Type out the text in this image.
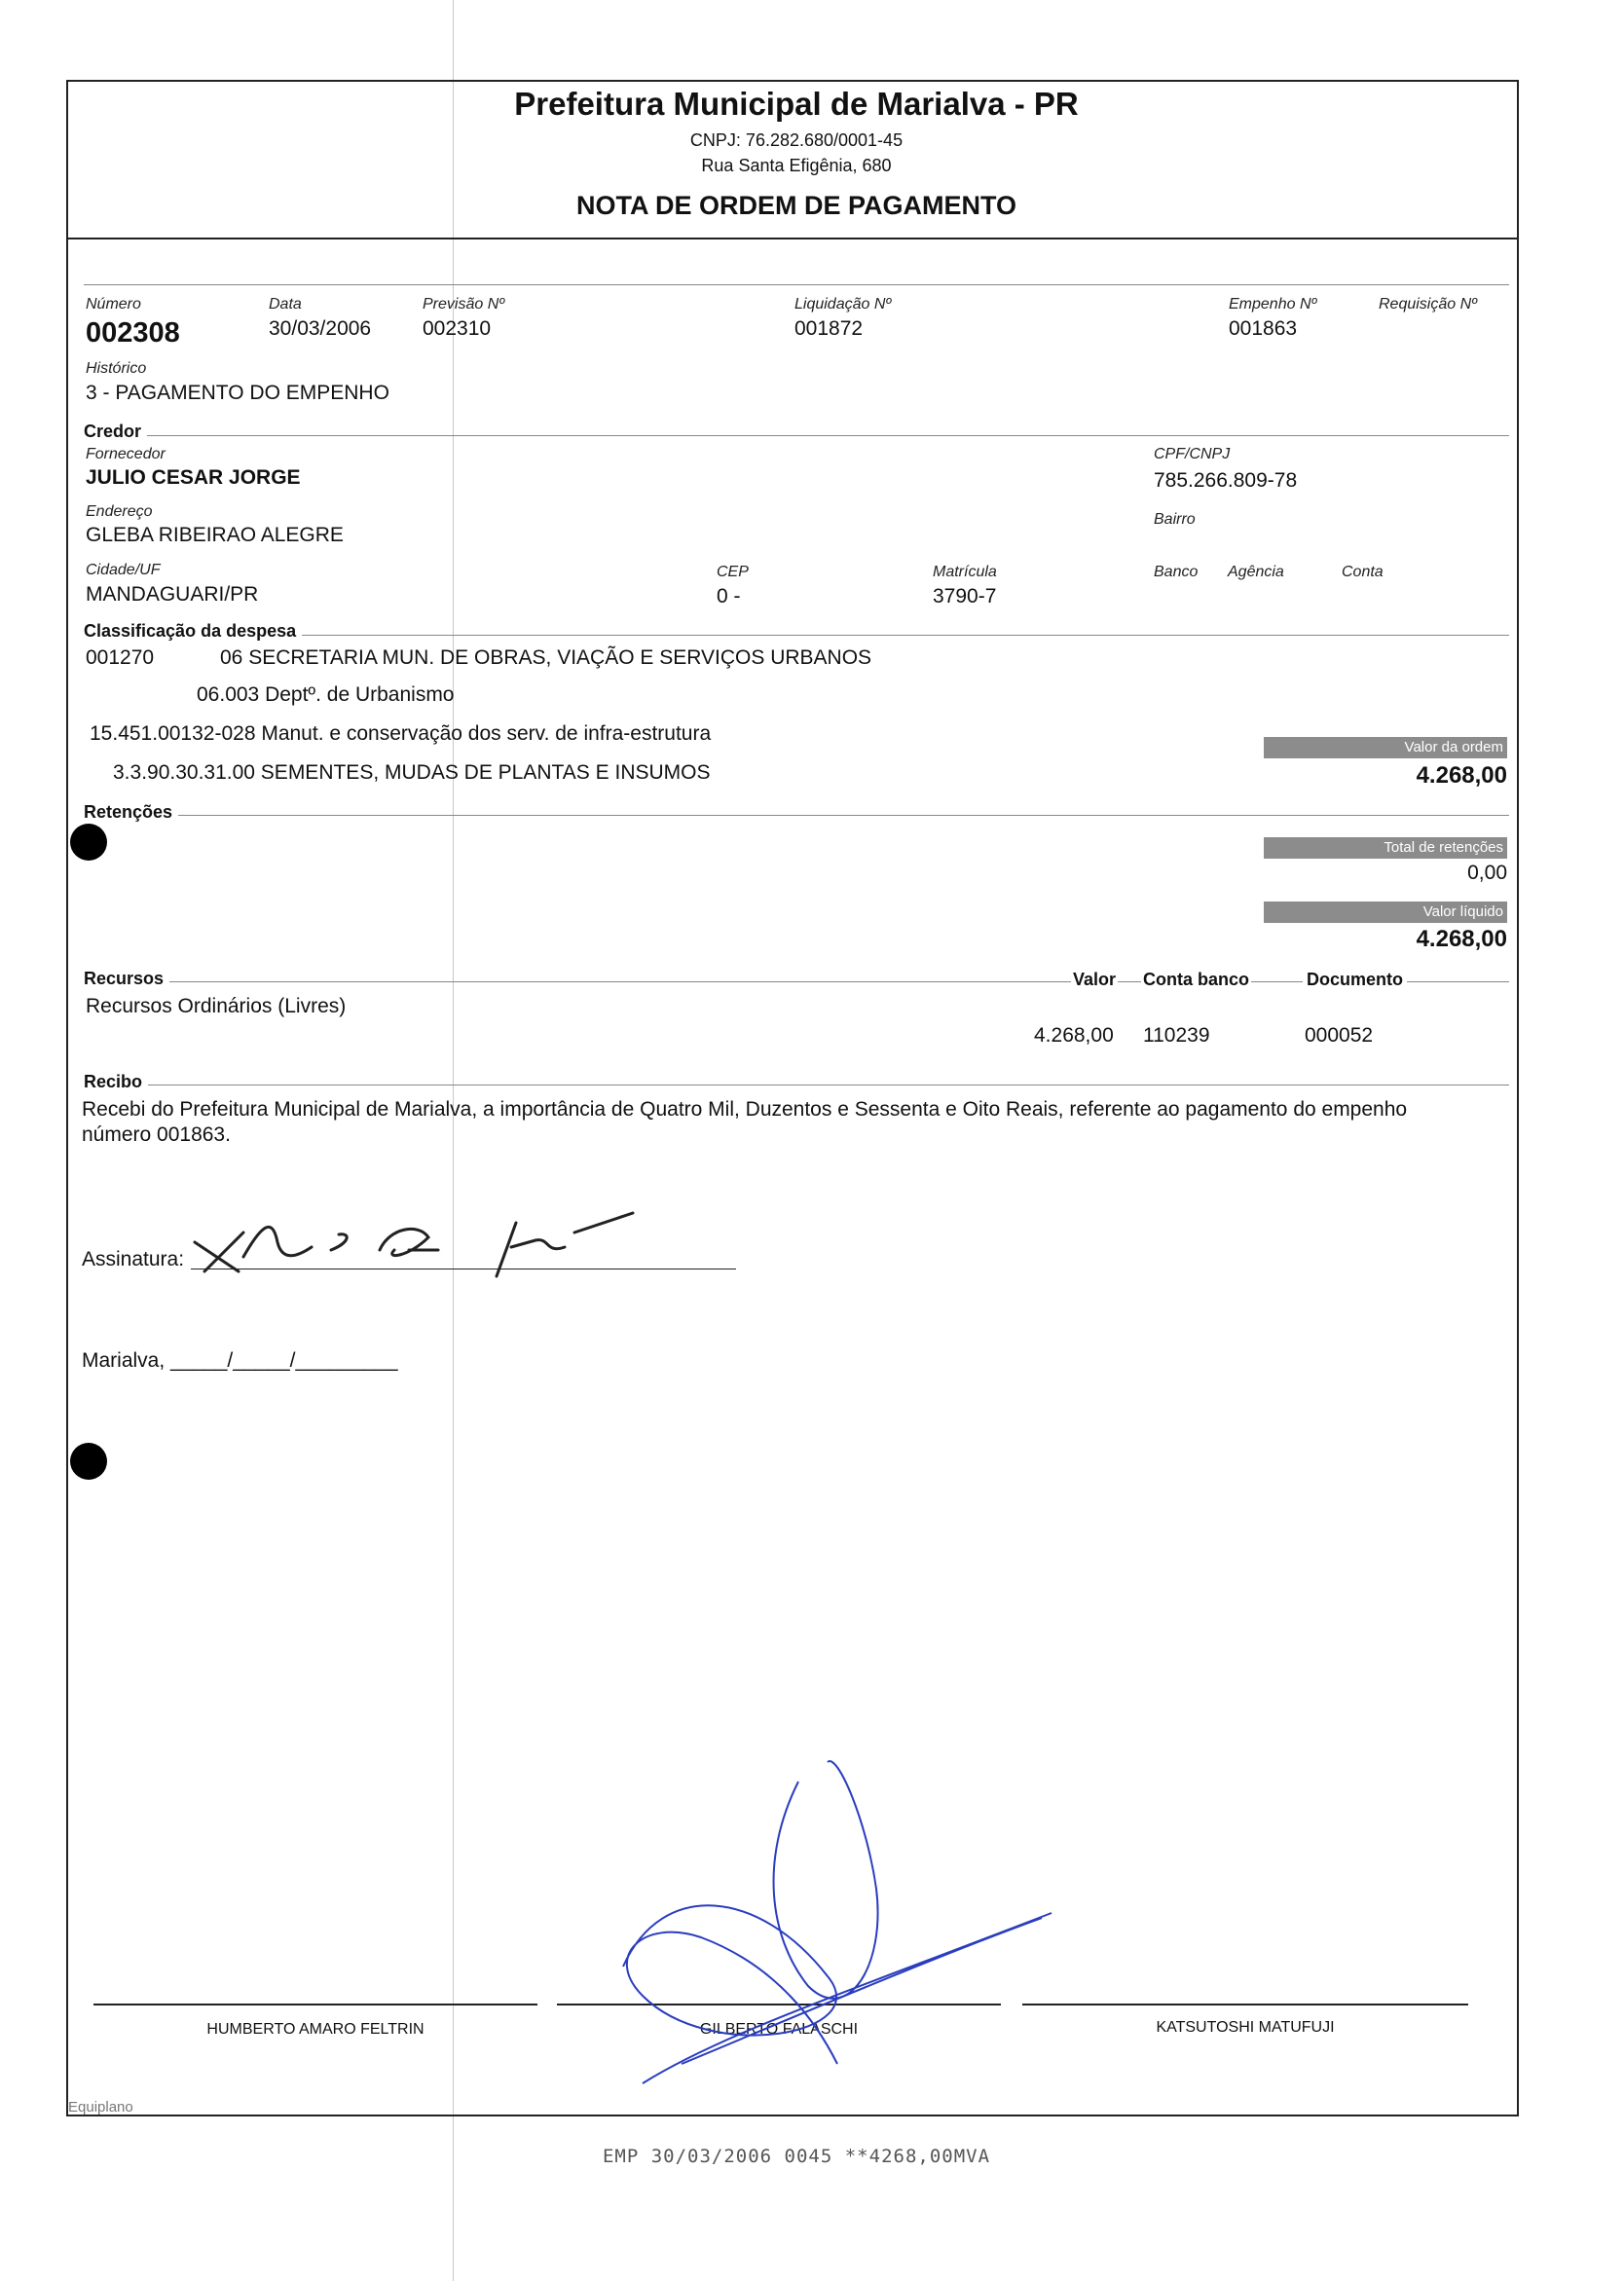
Prefeitura Municipal de Marialva - PR
CNPJ: 76.282.680/0001-45
Rua Santa Efigênia, 680
NOTA DE ORDEM DE PAGAMENTO
Número
002308
Data
30/03/2006
Previsão Nº
002310
Liquidação Nº
001872
Empenho Nº
001863
Requisição Nº
Histórico
3 - PAGAMENTO DO EMPENHO
Credor
Fornecedor
JULIO CESAR JORGE
CPF/CNPJ
785.266.809-78
Endereço
GLEBA RIBEIRAO ALEGRE
Bairro
Cidade/UF
MANDAGUARI/PR
CEP
0 -
Matrícula
3790-7
Banco Agência	Conta
Classificação da despesa
001270	06 SECRETARIA MUN. DE OBRAS, VIAÇÃO E SERVIÇOS URBANOS
06.003 Deptº. de Urbanismo
15.451.00132-028 Manut. e conservação dos serv. de infra-estrutura
3.3.90.30.31.00 SEMENTES, MUDAS DE PLANTAS E INSUMOS
Valor da ordem
4.268,00
Retenções
Total de retenções
0,00
Valor líquido
4.268,00
Recursos	Valor Conta banco	Documento
Recursos Ordinários (Livres)
4.268,00 110239	000052
Recibo
Recebi do Prefeitura Municipal de Marialva, a importância de Quatro Mil, Duzentos e Sessenta e Oito Reais, referente ao pagamento do empenho
número 001863.
Assinatura:
Marialva, _____/_____/_________
HUMBERTO AMARO FELTRIN	GILBERTO FALASCHI	KATSUTOSHI MATUFUJI
Equiplano
EMP 30/03/2006 0045 **4268,00MVA
